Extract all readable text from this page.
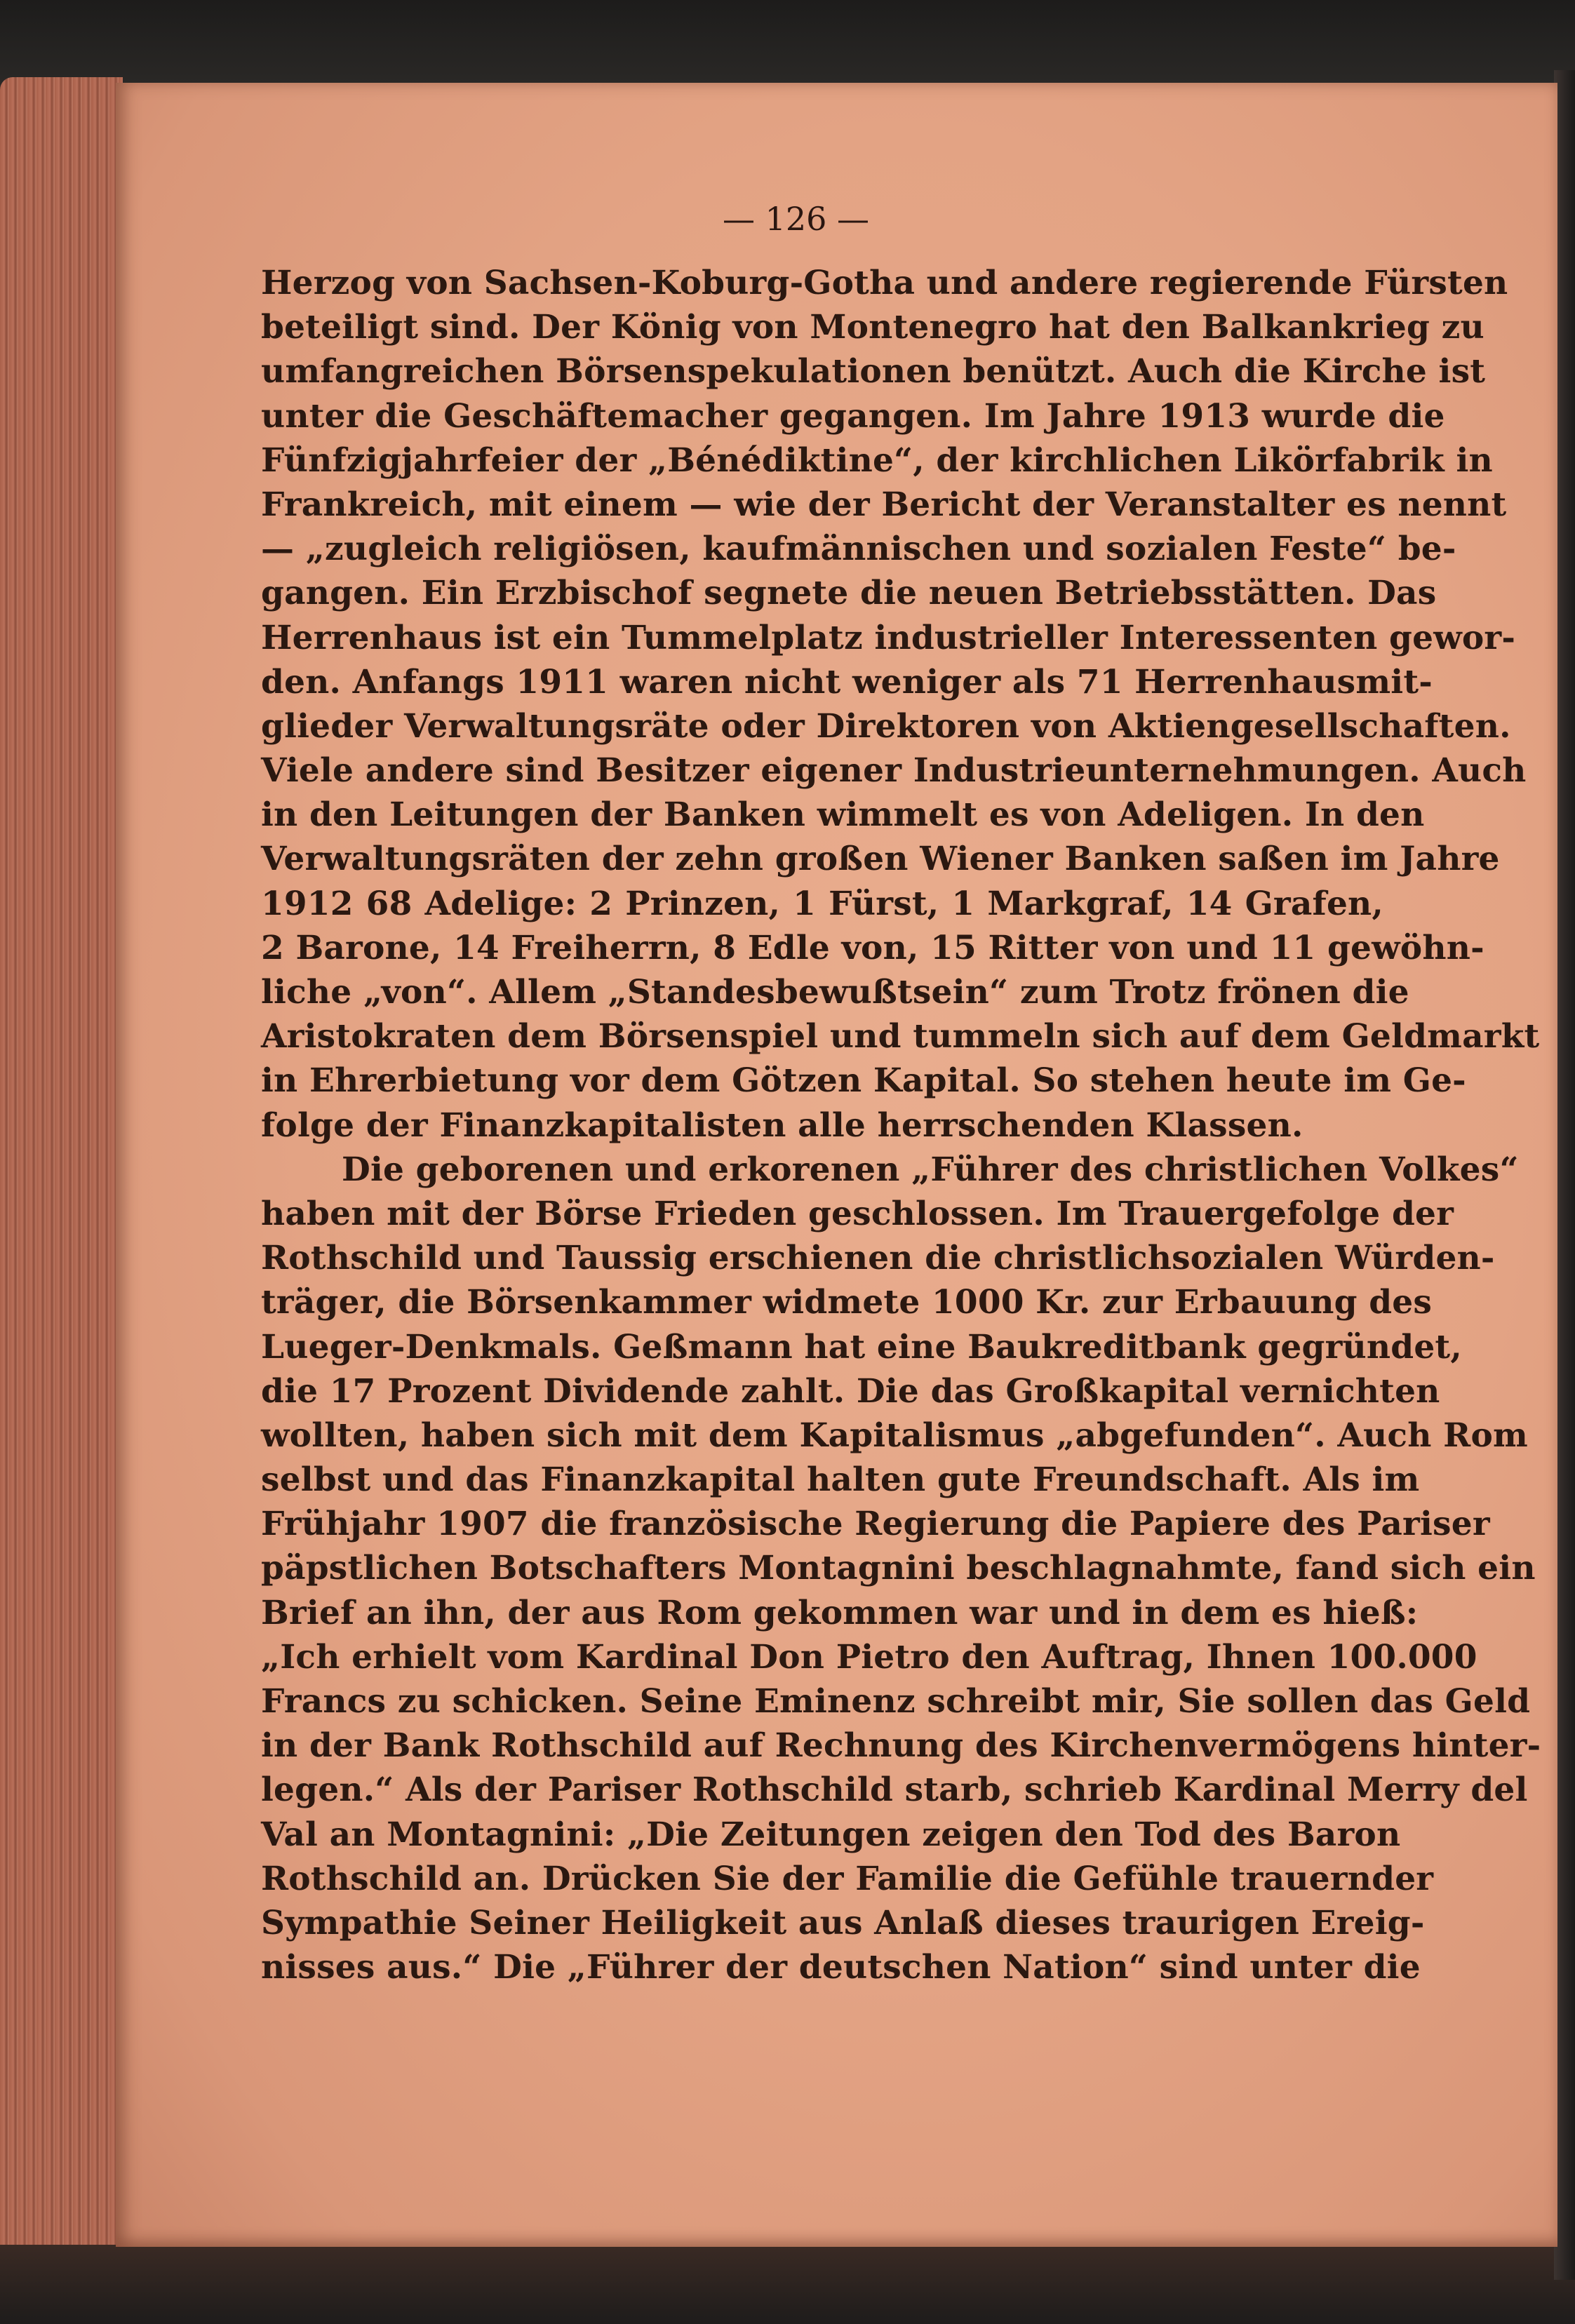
— 126 —
Herzog von Sachsen-Koburg-Gotha und andere regierende Fürsten
beteiligt sind. Der König von Montenegro hat den Balkankrieg zu
umfangreichen Börsenspekulationen benützt. Auch die Kirche ist
unter die Geschäftemacher gegangen. Im Jahre 1913 wurde die
Fünfzigjahrfeier der „Bénédiktine“, der kirchlichen Likörfabrik in
Frankreich, mit einem — wie der Bericht der Veranstalter es nennt
— „zugleich religiösen, kaufmännischen und sozialen Feste“ be-
gangen. Ein Erzbischof segnete die neuen Betriebsstätten. Das
Herrenhaus ist ein Tummelplatz industrieller Interessenten gewor-
den. Anfangs 1911 waren nicht weniger als 71 Herrenhausmit-
glieder Verwaltungsräte oder Direktoren von Aktiengesellschaften.
Viele andere sind Besitzer eigener Industrieunternehmungen. Auch
in den Leitungen der Banken wimmelt es von Adeligen. In den
Verwaltungsräten der zehn großen Wiener Banken saßen im Jahre
1912 68 Adelige: 2 Prinzen, 1 Fürst, 1 Markgraf, 14 Grafen,
2 Barone, 14 Freiherrn, 8 Edle von, 15 Ritter von und 11 gewöhn-
liche „von“. Allem „Standesbewußtsein“ zum Trotz frönen die
Aristokraten dem Börsenspiel und tummeln sich auf dem Geldmarkt
in Ehrerbietung vor dem Götzen Kapital. So stehen heute im Ge-
folge der Finanzkapitalisten alle herrschenden Klassen.
Die geborenen und erkorenen „Führer des christlichen Volkes“
haben mit der Börse Frieden geschlossen. Im Trauergefolge der
Rothschild und Taussig erschienen die christlichsozialen Würden-
träger, die Börsenkammer widmete 1000 Kr. zur Erbauung des
Lueger-Denkmals. Geßmann hat eine Baukreditbank gegründet,
die 17 Prozent Dividende zahlt. Die das Großkapital vernichten
wollten, haben sich mit dem Kapitalismus „abgefunden“. Auch Rom
selbst und das Finanzkapital halten gute Freundschaft. Als im
Frühjahr 1907 die französische Regierung die Papiere des Pariser
päpstlichen Botschafters Montagnini beschlagnahmte, fand sich ein
Brief an ihn, der aus Rom gekommen war und in dem es hieß:
„Ich erhielt vom Kardinal Don Pietro den Auftrag, Ihnen 100.000
Francs zu schicken. Seine Eminenz schreibt mir, Sie sollen das Geld
in der Bank Rothschild auf Rechnung des Kirchenvermögens hinter-
legen.“ Als der Pariser Rothschild starb, schrieb Kardinal Merry del
Val an Montagnini: „Die Zeitungen zeigen den Tod des Baron
Rothschild an. Drücken Sie der Familie die Gefühle trauernder
Sympathie Seiner Heiligkeit aus Anlaß dieses traurigen Ereig-
nisses aus.“ Die „Führer der deutschen Nation“ sind unter die
